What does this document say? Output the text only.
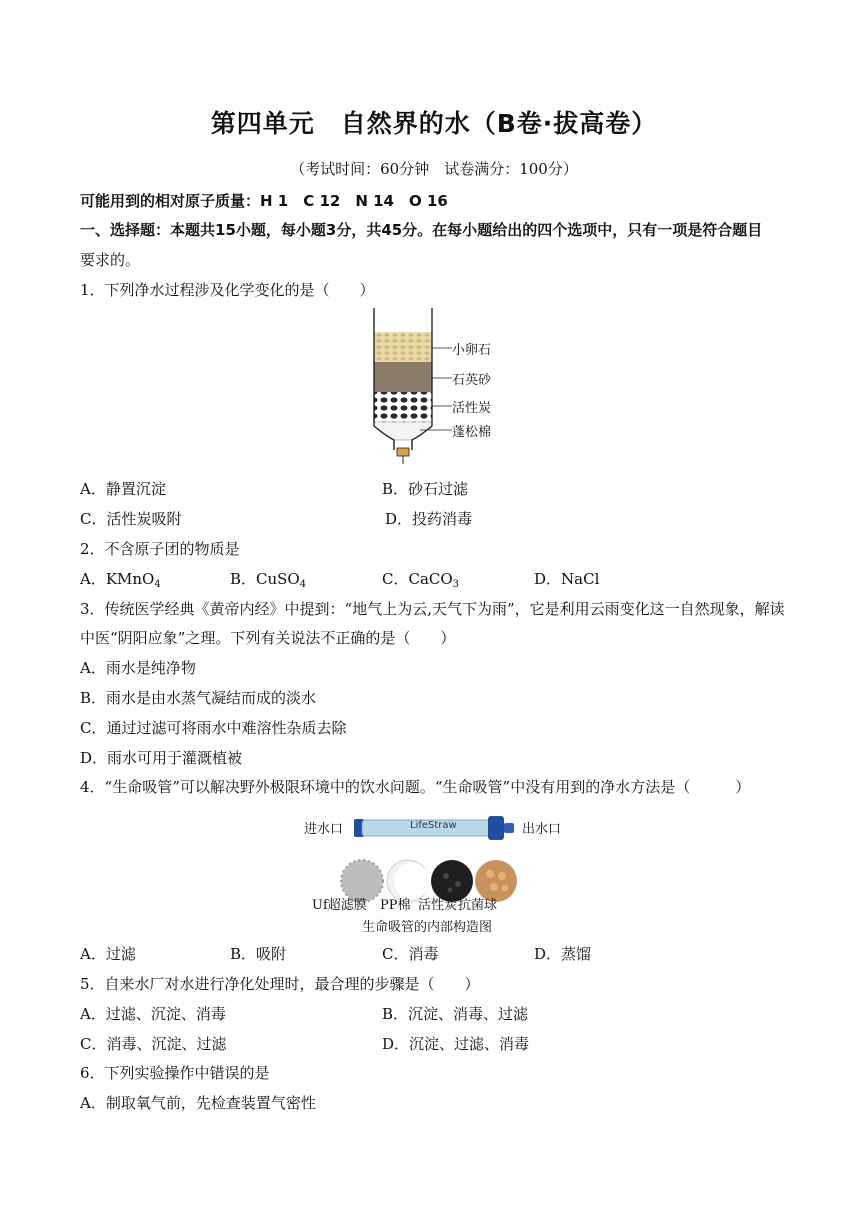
第四单元　自然界的水（B卷·拔高卷）
（考试时间：60分钟　试卷满分：100分）
可能用到的相对原子质量：H 1　C 12　N 14　O 16
一、选择题：本题共15小题，每小题3分，共45分。在每小题给出的四个选项中，只有一项是符合题目
要求的。
1．下列净水过程涉及化学变化的是（　　）
小卵石
石英砂
活性炭
蓬松棉
A．静置沉淀	B．砂石过滤
C．活性炭吸附	D．投药消毒
2．不含原子团的物质是
A．KMnO$_4$	B．CuSO$_4$	C．CaCO$_3$	D．NaCl
3．传统医学经典《黄帝内经》中提到：“地气上为云,天气下为雨”，它是利用云雨变化这一自然现象，解读
中医“阴阳应象”之理。下列有关说法不正确的是（　　）
A．雨水是纯净物
B．雨水是由水蒸气凝结而成的淡水
C．通过过滤可将雨水中难溶性杂质去除
D．雨水可用于灌溉植被
4．“生命吸管”可以解决野外极限环境中的饮水问题。“生命吸管”中没有用到的净水方法是（　　　）
进水口	出水口
LifeStraw
Uf超滤膜 PP棉 活性炭 抗菌球
生命吸管的内部构造图
A．过滤	B．吸附	C．消毒	D．蒸馏
5．自来水厂对水进行净化处理时，最合理的步骤是（　　）
A．过滤、沉淀、消毒	B．沉淀、消毒、过滤
C．消毒、沉淀、过滤	D．沉淀、过滤、消毒
6．下列实验操作中错误的是
A．制取氧气前，先检查装置气密性
